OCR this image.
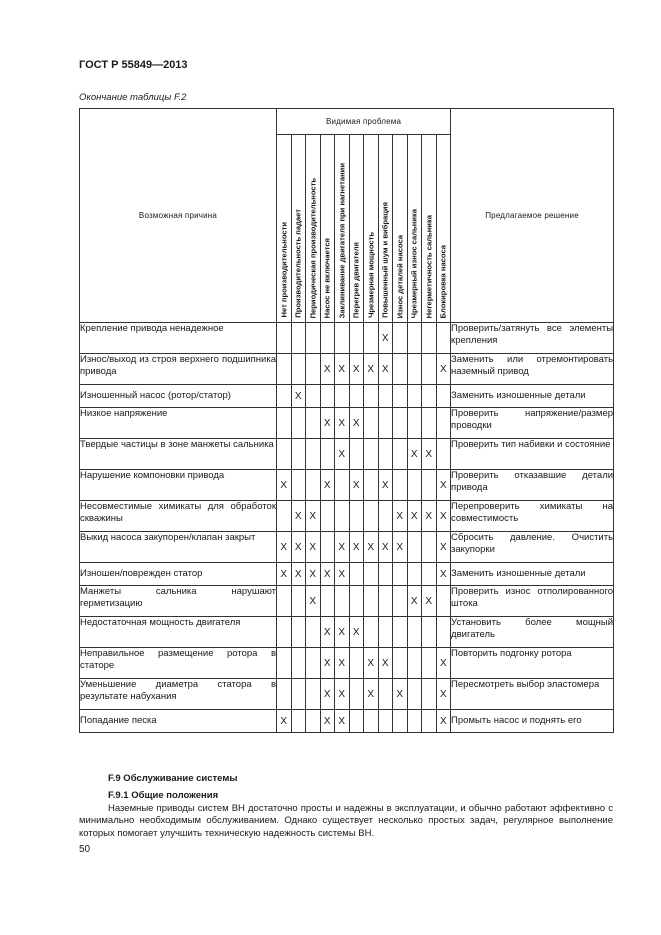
ГОСТ Р 55849—2013
Окончание таблицы F.2
Возможная причина	Видимая проблема												Предлагаемое решение

	Нет производительности	Производительность падает	Периодическая производительность	Насос не включается	Заклинивание двигателя при нагнетании	Перегрев двигателя	Чрезмерная мощность	Повышенный шум и вибрация	Износ деталей насоса	Чрезмерный износ сальника	Негерметичность сальника	Блокировка насоса	

Крепление привода ненадежное								X					Проверить/затянуть все элементы крепления
Износ/выход из строя верхнего подшипника привода				X	X	X	X	X				X	Заменить или отремонтировать наземный привод
Изношенный насос (ротор/статор)		X											Заменить изношенные детали
Низкое напряжение				X	X	X							Проверить напряжение/размер проводки
Твердые частицы в зоне манжеты сальника					X					X	X		Проверить тип набивки и состояние
Нарушение компоновки привода	X			X		X		X				X	Проверить отказавшие детали привода
Несовместимые химикаты для обработок скважины		X	X						X	X	X	X	Перепроверить химикаты на совместимость
Выкид насоса закупорен/клапан закрыт	X	X	X		X	X	X	X	X			X	Сбросить давление. Очистить закупорки
Изношен/поврежден статор	X	X	X	X	X							X	Заменить изношенные детали
Манжеты сальника нарушают герметизацию			X							X	X		Проверить износ отполированного штока
Недостаточная мощность двигателя				X	X	X							Установить более мощный двигатель
Неправильное размещение ротора в статоре				X	X		X	X				X	Повторить подгонку ротора
Уменьшение диаметра статора в результате набухания				X	X		X		X			X	Пересмотреть выбор эластомера
Попадание песка	X			X	X							X	Промыть насос и поднять его
F.9 Обслуживание системы
F.9.1 Общие положения
Наземные приводы систем ВН достаточно просты и надежны в эксплуатации, и обычно работают эффективно с минимально необходимым обслуживанием. Однако существует несколько простых задач, регулярное выполнение которых помогает улучшить техническую надежность системы ВН.
50
